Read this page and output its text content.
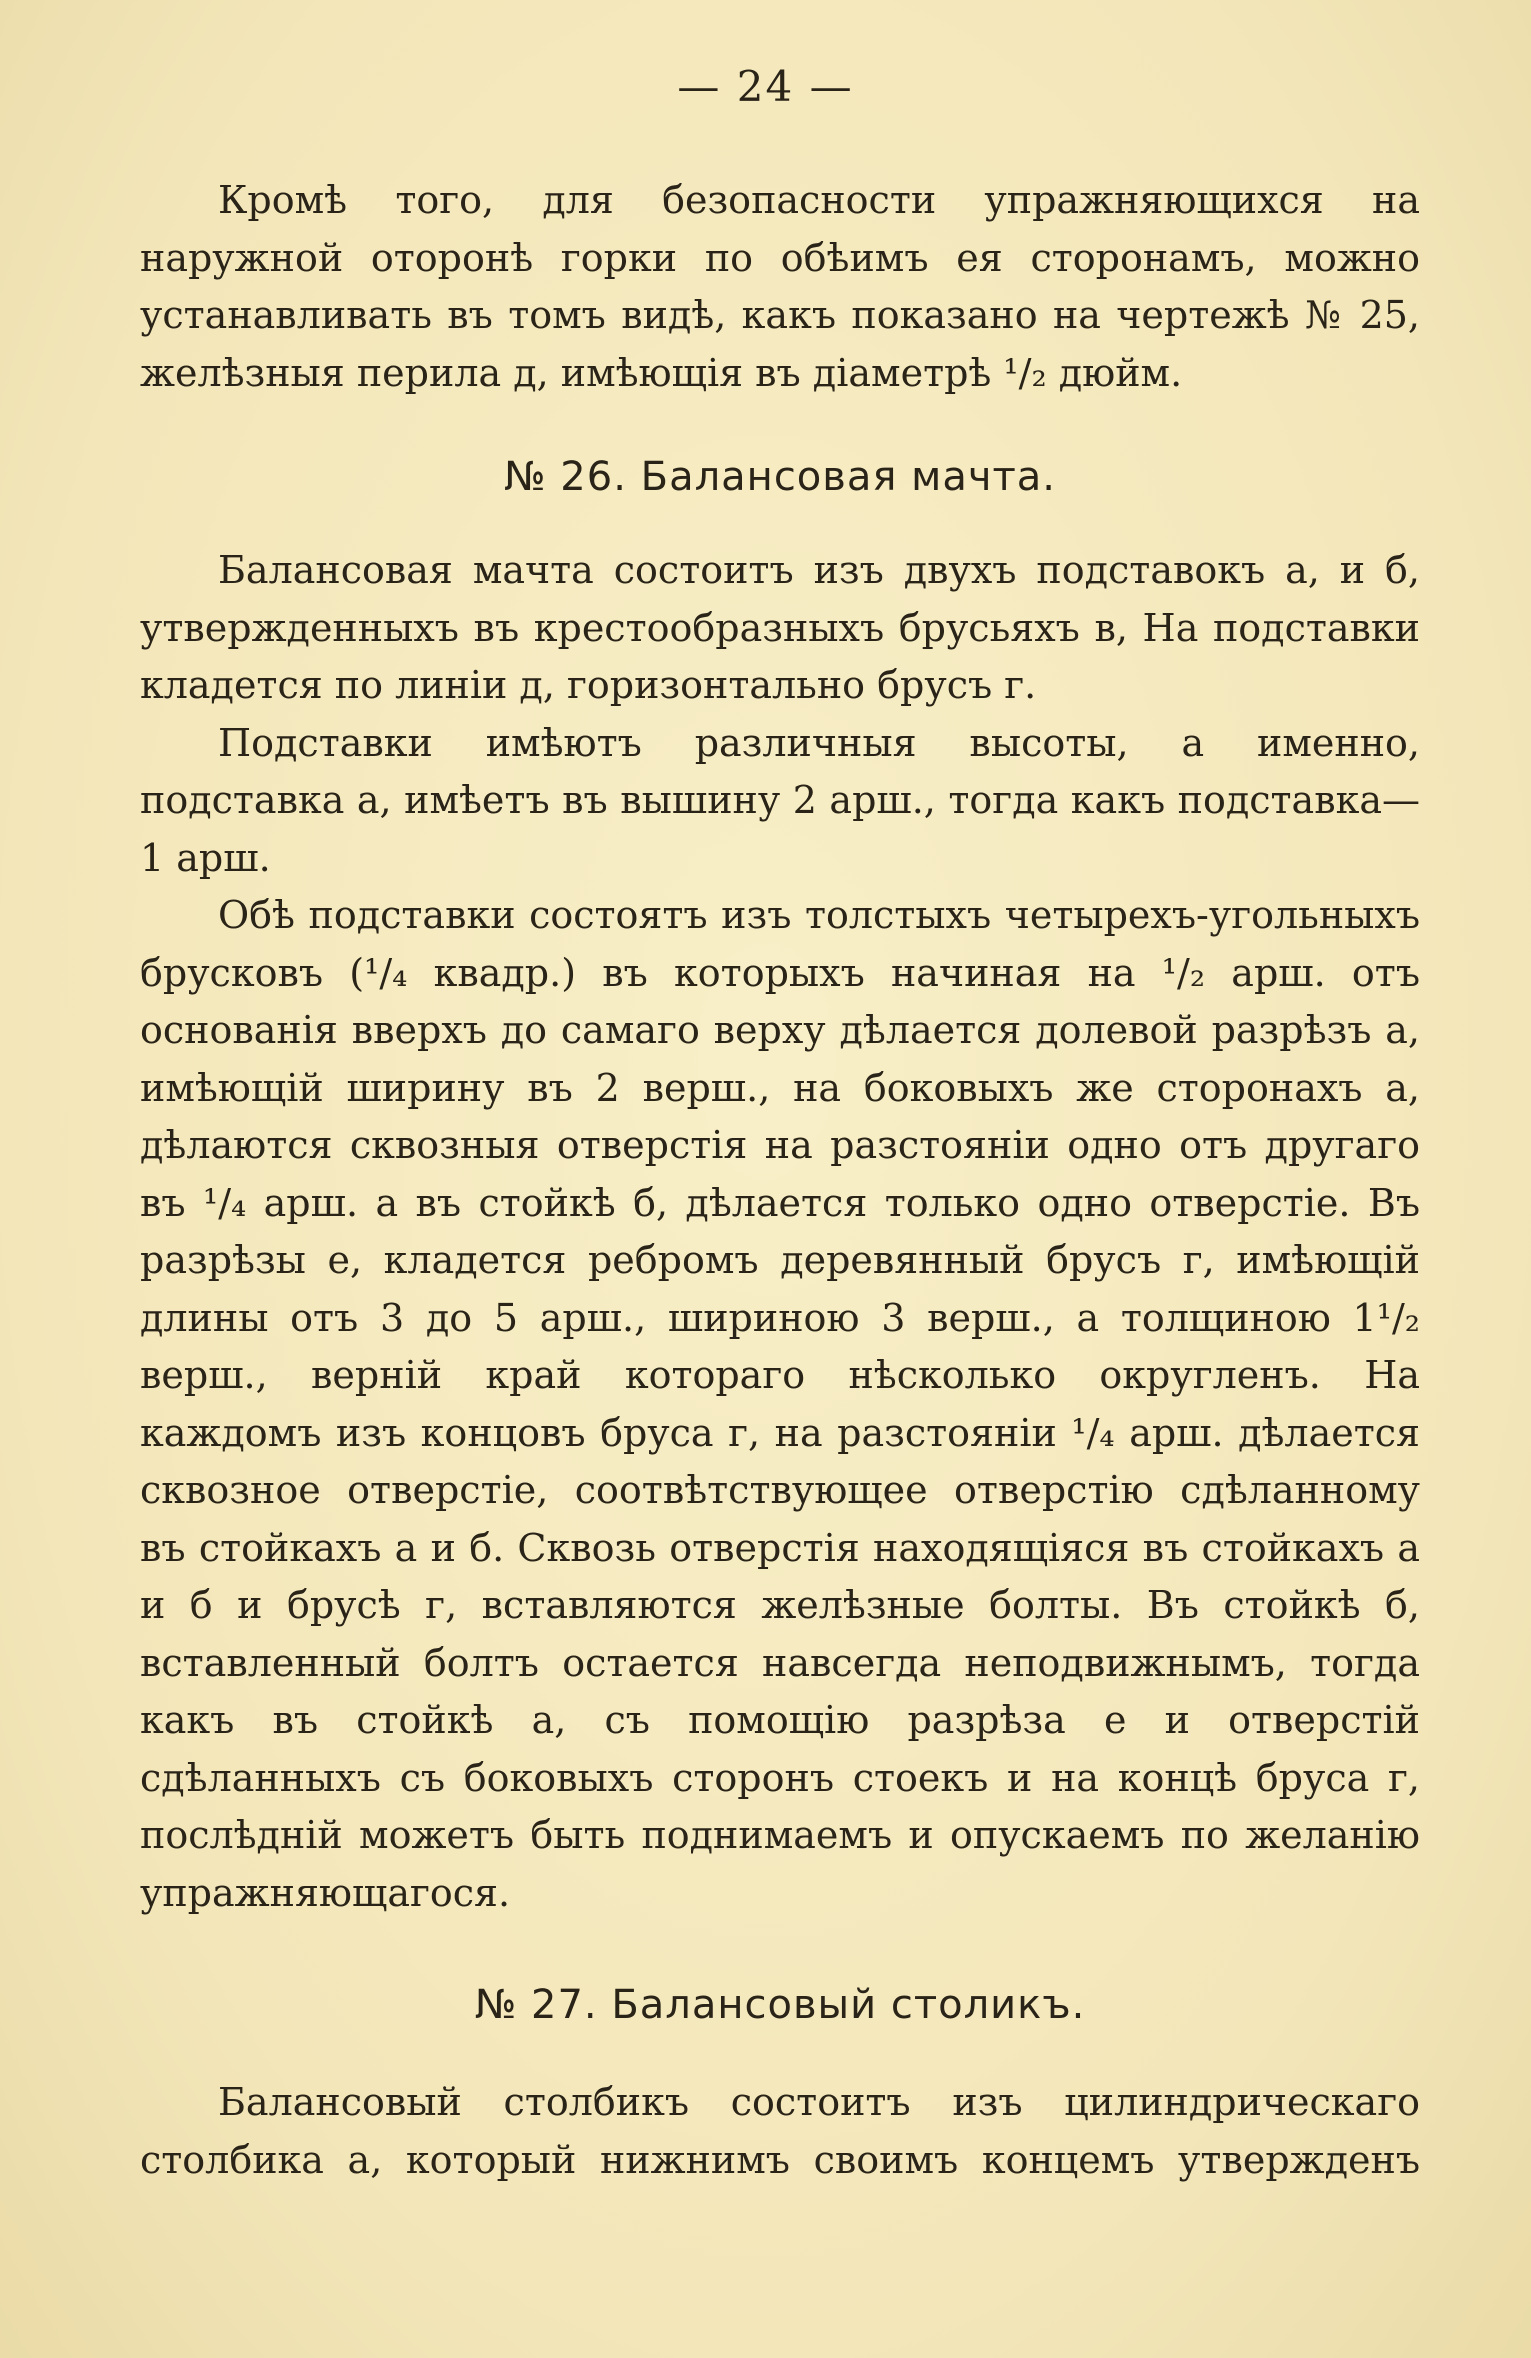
— 24 —

Кромѣ того, для безопасности упражняющихся на наружной оторонѣ горки по обѣимъ ея сторонамъ, можно устанавливать въ томъ видѣ, какъ показано на чертежѣ № 25, желѣзныя перила д, имѣющія въ діаметрѣ ¹/₂ дюйм.

№ 26. Балансовая мачта.

Балансовая мачта состоитъ изъ двухъ подставокъ а, и б, утвержденныхъ въ крестообразныхъ брусьяхъ в, На подставки кладется по линіи д, горизонтально брусъ г.

Подставки имѣютъ различныя высоты, а именно, подставка а, имѣетъ въ вышину 2 арш., тогда какъ подставка—1 арш.

Обѣ подставки состоятъ изъ толстыхъ четырехъ-угольныхъ брусковъ (¹/₄ квадр.) въ которыхъ начиная на ¹/₂ арш. отъ основанія вверхъ до самаго верху дѣлается долевой разрѣзъ а, имѣющій ширину въ 2 верш., на боковыхъ же сторонахъ а, дѣлаются сквозныя отверстія на разстояніи одно отъ другаго въ ¹/₄ арш. а въ стойкѣ б, дѣлается только одно отверстіе. Въ разрѣзы е, кладется ребромъ деревянный брусъ г, имѣющій длины отъ 3 до 5 арш., шириною 3 верш., а толщиною 1¹/₂ верш., верній край котораго нѣсколько округленъ. На каждомъ изъ концовъ бруса г, на разстояніи ¹/₄ арш. дѣлается сквозное отверстіе, соотвѣтствующее отверстію сдѣланному въ стойкахъ а и б. Сквозь отверстія находящіяся въ стойкахъ а и б и брусѣ г, вставляются желѣзные болты. Въ стойкѣ б, вставленный болтъ остается навсегда неподвижнымъ, тогда какъ въ стойкѣ а, съ помощію разрѣза е и отверстій сдѣланныхъ съ боковыхъ сторонъ стоекъ и на концѣ бруса г, послѣдній можетъ быть поднимаемъ и опускаемъ по желанію упражняющагося.

№ 27. Балансовый столикъ.

Балансовый столбикъ состоитъ изъ цилиндрическаго столбика а, который нижнимъ своимъ концемъ утвержденъ
